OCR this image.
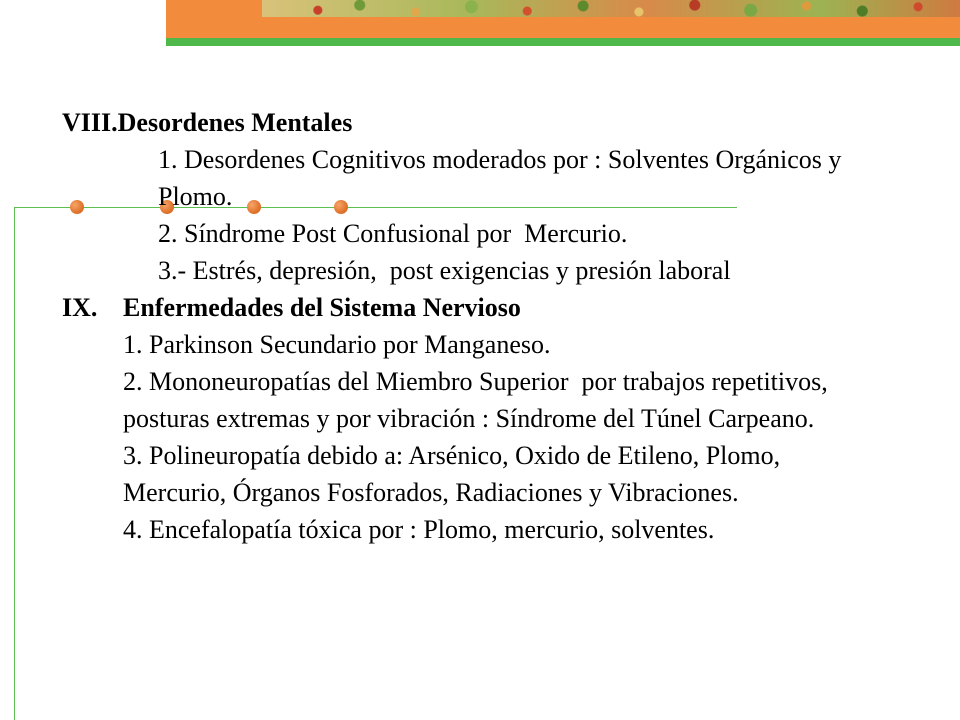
VIII. Desordenes Mentales
1. Desordenes Cognitivos moderados por : Solventes Orgánicos y Plomo.
2. Síndrome Post Confusional por  Mercurio.
3.- Estrés, depresión,  post exigencias y presión laboral
IX. Enfermedades del Sistema Nervioso
1. Parkinson Secundario por Manganeso.
2. Mononeuropatías del Miembro Superior  por trabajos repetitivos, posturas extremas y por vibración : Síndrome del Túnel Carpeano.
3. Polineuropatía debido a: Arsénico, Oxido de Etileno, Plomo, Mercurio, Órganos Fosforados, Radiaciones y Vibraciones.
4. Encefalopatía tóxica por : Plomo, mercurio, solventes.
